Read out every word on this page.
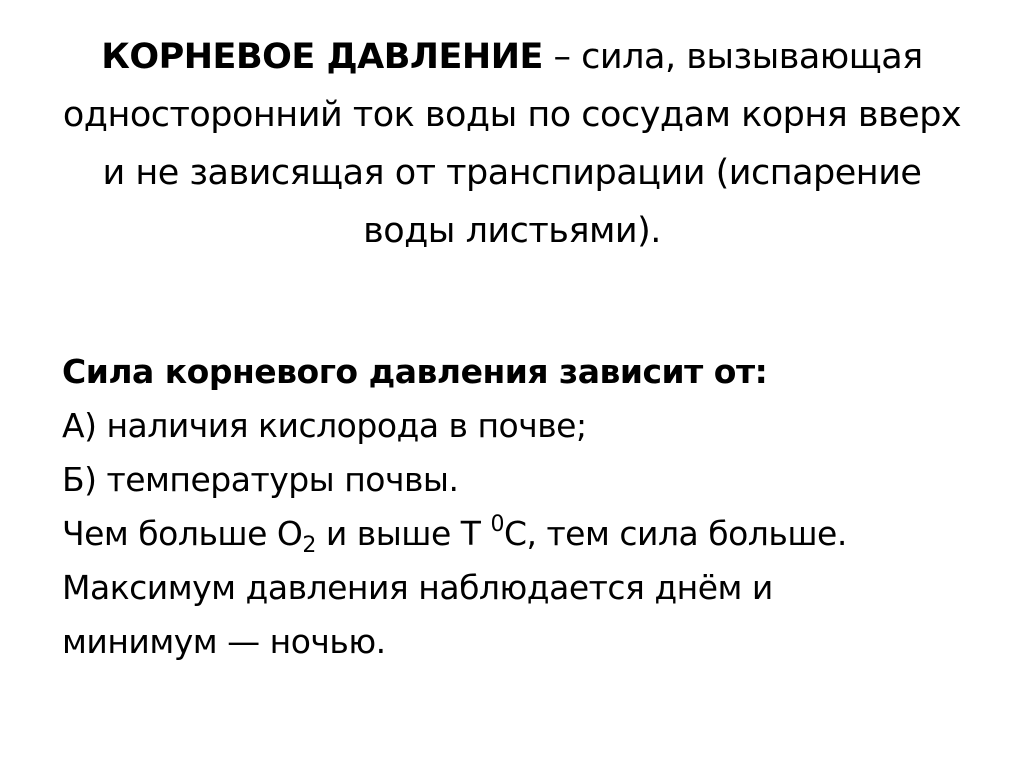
КОРНЕВОЕ ДАВЛЕНИЕ – сила, вызывающая односторонний ток воды по сосудам корня вверх и не зависящая от транспирации (испарение воды листьями).
Сила корневого давления зависит от:
А) наличия кислорода в почве;
Б) температуры почвы.
Чем больше $О_2$ и выше Т $^0$С, тем сила больше.
Максимум давления наблюдается днём и
минимум — ночью.
